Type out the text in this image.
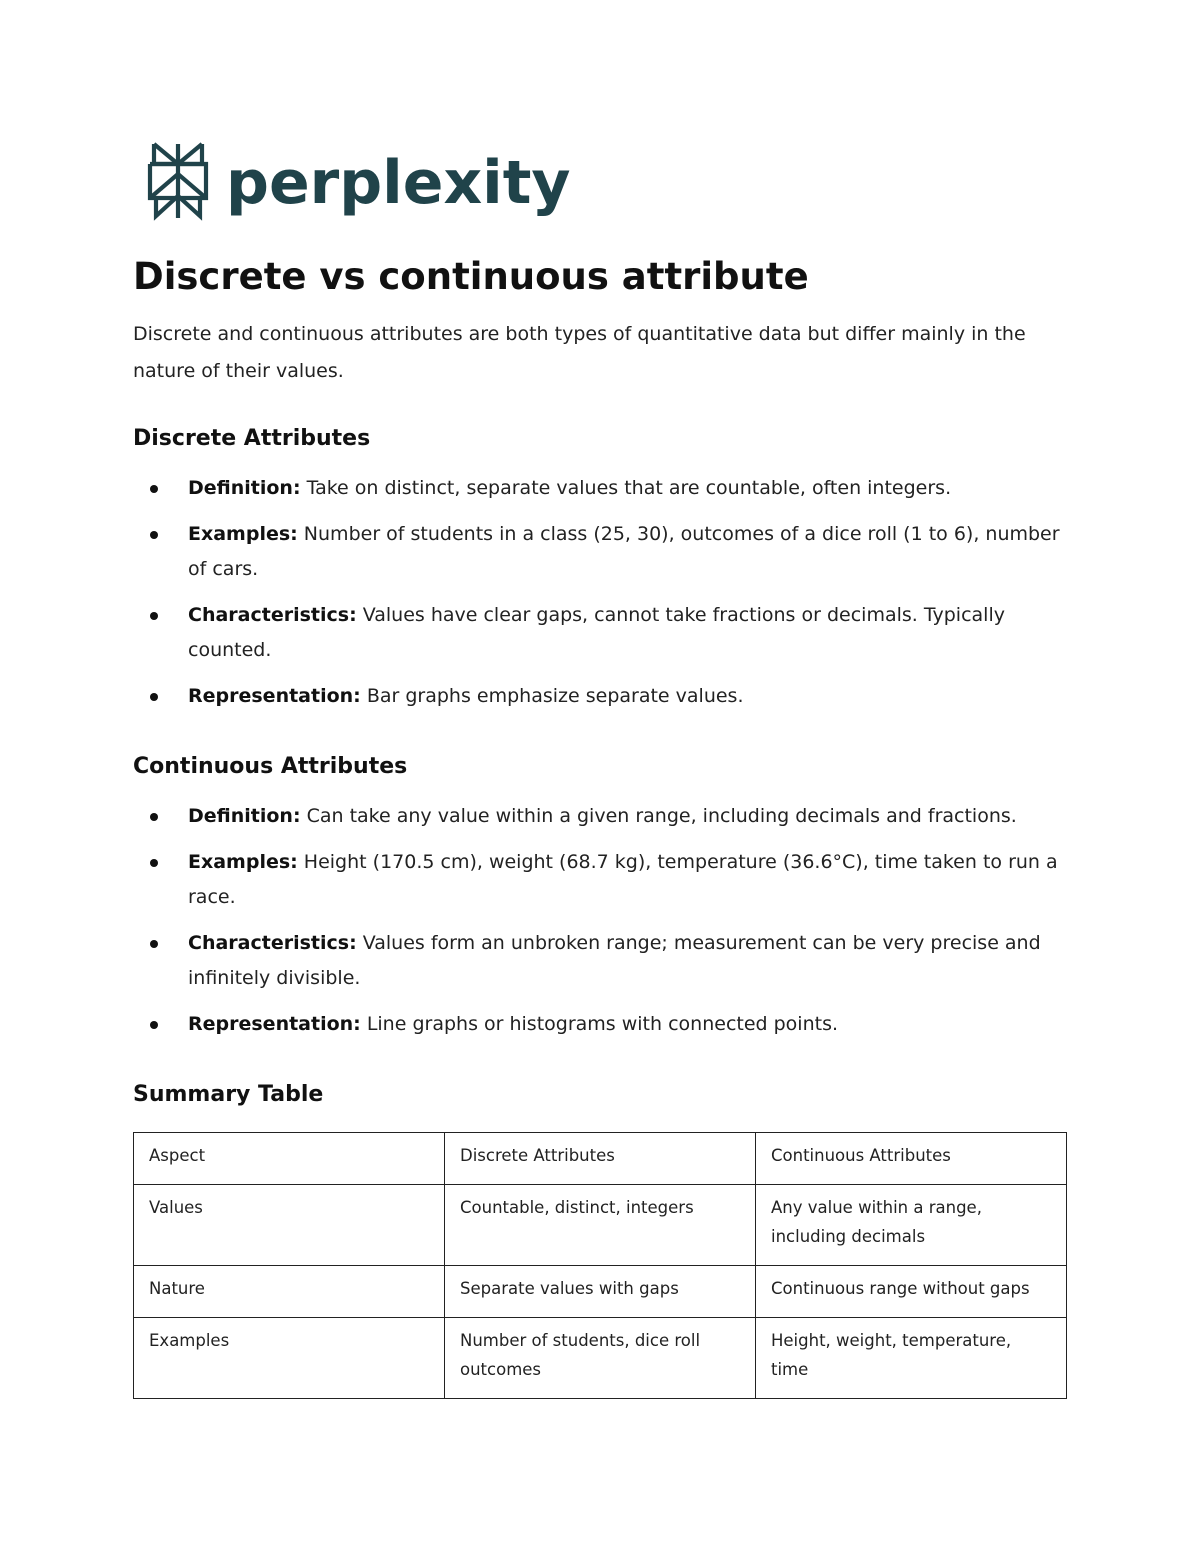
perplexity
Discrete vs continuous attribute

Discrete and continuous attributes are both types of quantitative data but differ mainly in the nature of their values.

Discrete Attributes
Definition: Take on distinct, separate values that are countable, often integers.
Examples: Number of students in a class (25, 30), outcomes of a dice roll (1 to 6), number of cars.
Characteristics: Values have clear gaps, cannot take fractions or decimals. Typically counted.
Representation: Bar graphs emphasize separate values.
Continuous Attributes
Definition: Can take any value within a given range, including decimals and fractions.
Examples: Height (170.5 cm), weight (68.7 kg), temperature (36.6°C), time taken to run a race.
Characteristics: Values form an unbroken range; measurement can be very precise and infinitely divisible.
Representation: Line graphs or histograms with connected points.
Summary Table
Aspect	Discrete Attributes	Continuous Attributes
Values	Countable, distinct, integers	Any value within a range, including decimals
Nature	Separate values with gaps	Continuous range without gaps
Examples	Number of students, dice roll outcomes	Height, weight, temperature, time
